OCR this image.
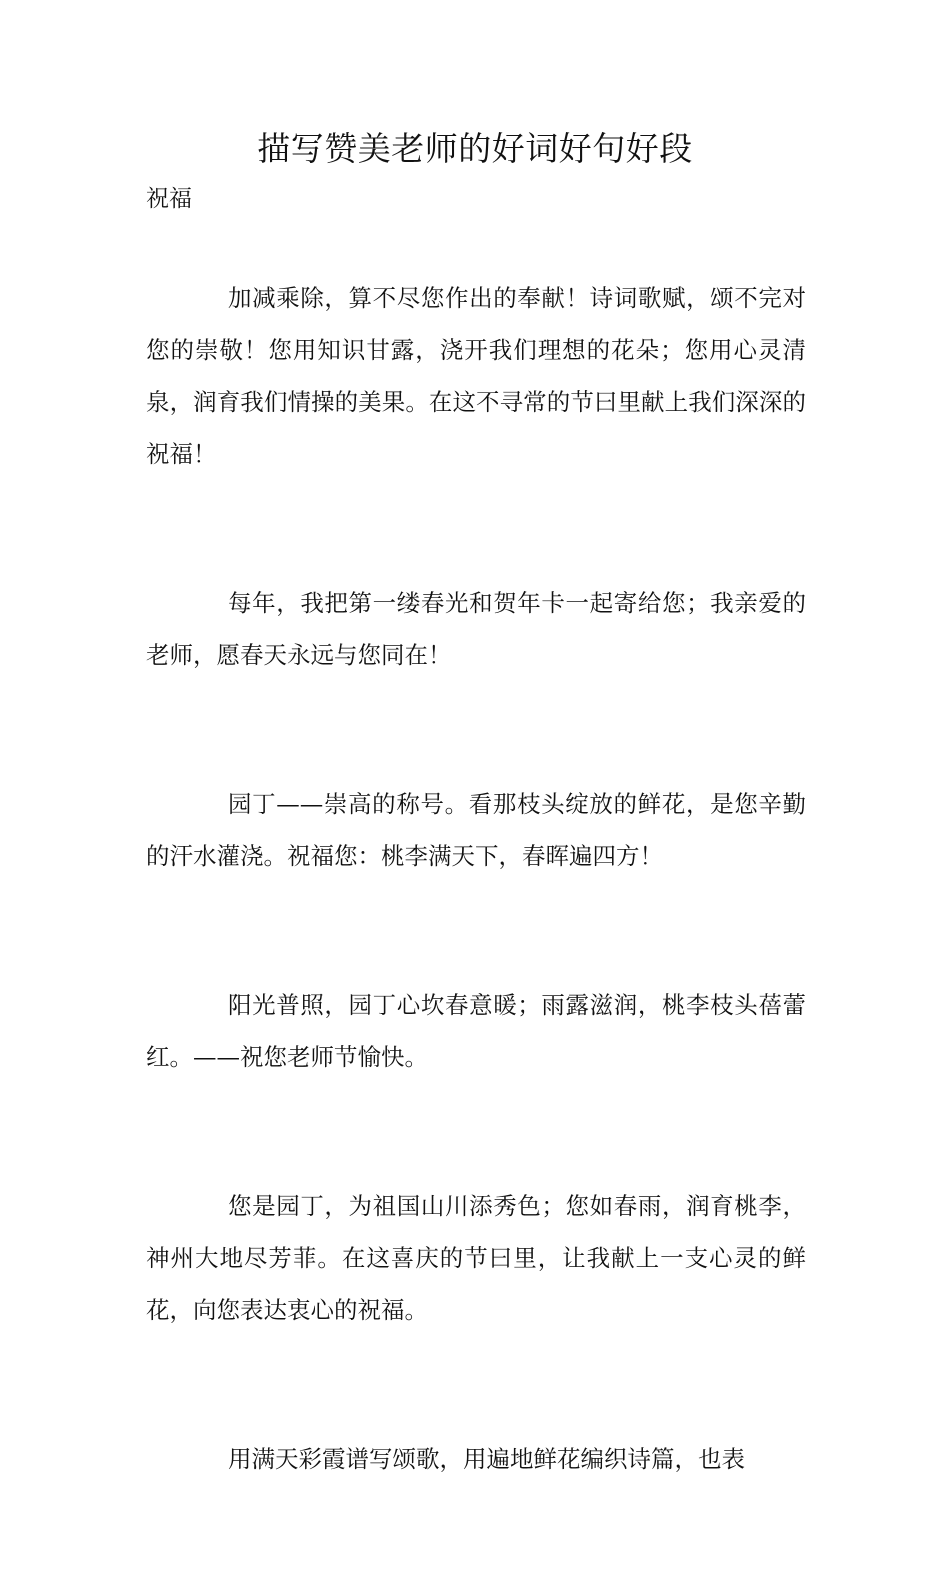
描写赞美老师的好词好句好段

祝福

加减乘除，算不尽您作出的奉献！诗词歌赋，颂不完对您的崇敬！您用知识甘露，浇开我们理想的花朵；您用心灵清泉，润育我们情操的美果。在这不寻常的节曰里献上我们深深的祝福！

每年，我把第一缕春光和贺年卡一起寄给您；我亲爱的老师，愿春天永远与您同在！

园丁——崇高的称号。看那枝头绽放的鲜花，是您辛勤的汗水灌浇。祝福您：桃李满天下，春晖遍四方！

阳光普照，园丁心坎春意暖；雨露滋润，桃李枝头蓓蕾红。——祝您老师节愉快。

您是园丁，为祖国山川添秀色；您如春雨，润育桃李，神州大地尽芳菲。在这喜庆的节曰里，让我献上一支心灵的鲜花，向您表达衷心的祝福。

用满天彩霞谱写颂歌，用遍地鲜花编织诗篇，也表
